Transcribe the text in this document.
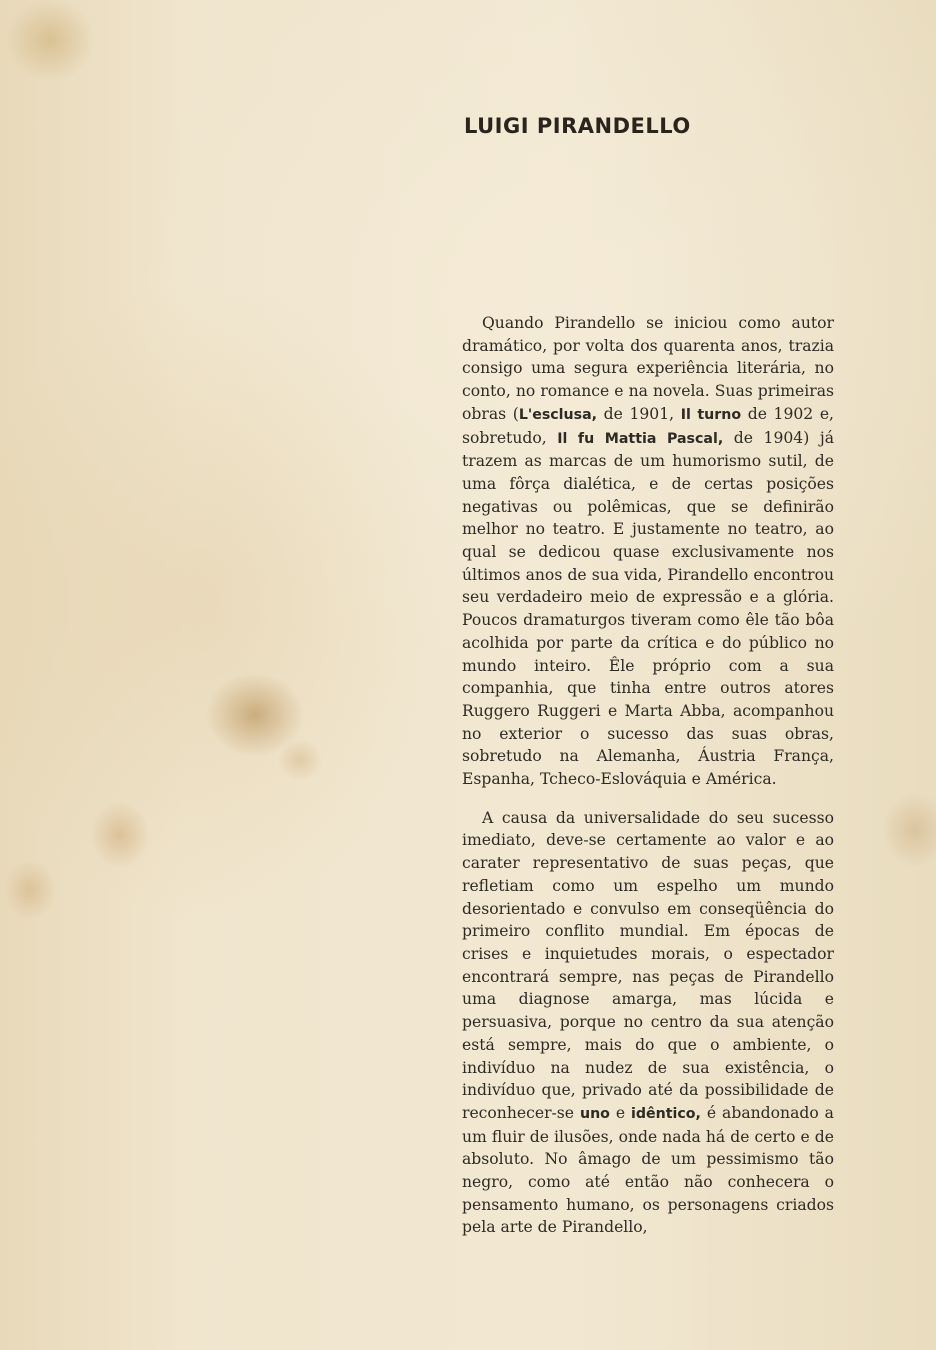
LUIGI PIRANDELLO

Quando Pirandello se iniciou como autor dramático, por volta dos quarenta anos, trazia consigo uma segura experiência literária, no conto, no romance e na novela. Suas primeiras obras (L'esclusa, de 1901, Il turno de 1902 e, sobretudo, Il fu Mattia Pascal, de 1904) já trazem as marcas de um humorismo sutil, de uma fôrça dialética, e de certas posições negativas ou polêmicas, que se definirão melhor no teatro. E justamente no teatro, ao qual se dedicou quase exclusivamente nos últimos anos de sua vida, Pirandello encontrou seu verdadeiro meio de expressão e a glória. Poucos dramaturgos tiveram como êle tão bôa acolhida por parte da crítica e do público no mundo inteiro. Êle próprio com a sua companhia, que tinha entre outros atores Ruggero Ruggeri e Marta Abba, acompanhou no exterior o sucesso das suas obras, sobretudo na Alemanha, Áustria França, Espanha, Tcheco-Eslováquia e América.

A causa da universalidade do seu sucesso imediato, deve-se certamente ao valor e ao carater representativo de suas peças, que refletiam como um espelho um mundo desorientado e convulso em conseqüência do primeiro conflito mundial. Em épocas de crises e inquietudes morais, o espectador encontrará sempre, nas peças de Pirandello uma diagnose amarga, mas lúcida e persuasiva, porque no centro da sua atenção está sempre, mais do que o ambiente, o indivíduo na nudez de sua existência, o indivíduo que, privado até da possibilidade de reconhecer-se uno e idêntico, é abandonado a um fluir de ilusões, onde nada há de certo e de absoluto. No âmago de um pessimismo tão negro, como até então não conhecera o pensamento humano, os personagens criados pela arte de Pirandello,
